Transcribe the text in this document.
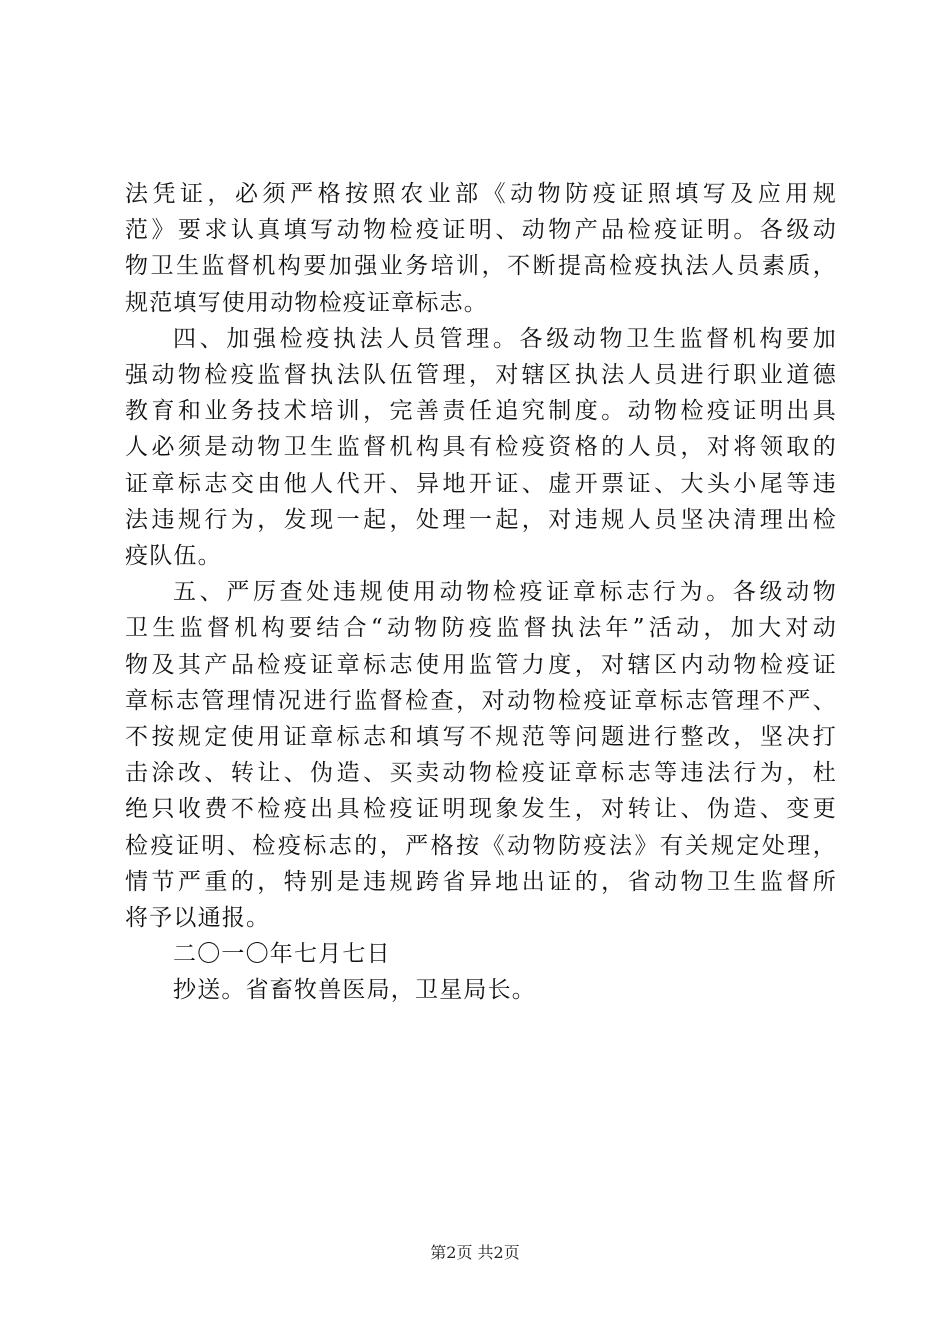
法凭证，必须严格按照农业部《动物防疫证照填写及应用规
范》要求认真填写动物检疫证明、动物产品检疫证明。各级动
物卫生监督机构要加强业务培训，不断提高检疫执法人员素质，
规范填写使用动物检疫证章标志。
四、加强检疫执法人员管理。各级动物卫生监督机构要加
强动物检疫监督执法队伍管理，对辖区执法人员进行职业道德
教育和业务技术培训，完善责任追究制度。动物检疫证明出具
人必须是动物卫生监督机构具有检疫资格的人员，对将领取的
证章标志交由他人代开、异地开证、虚开票证、大头小尾等违
法违规行为，发现一起，处理一起，对违规人员坚决清理出检
疫队伍。
五、严厉查处违规使用动物检疫证章标志行为。各级动物
卫生监督机构要结合“动物防疫监督执法年”活动，加大对动
物及其产品检疫证章标志使用监管力度，对辖区内动物检疫证
章标志管理情况进行监督检查，对动物检疫证章标志管理不严、
不按规定使用证章标志和填写不规范等问题进行整改，坚决打
击涂改、转让、伪造、买卖动物检疫证章标志等违法行为，杜
绝只收费不检疫出具检疫证明现象发生，对转让、伪造、变更
检疫证明、检疫标志的，严格按《动物防疫法》有关规定处理，
情节严重的，特别是违规跨省异地出证的，省动物卫生监督所
将予以通报。
二〇一〇年七月七日
抄送。省畜牧兽医局，卫星局长。
第2页 共2页
